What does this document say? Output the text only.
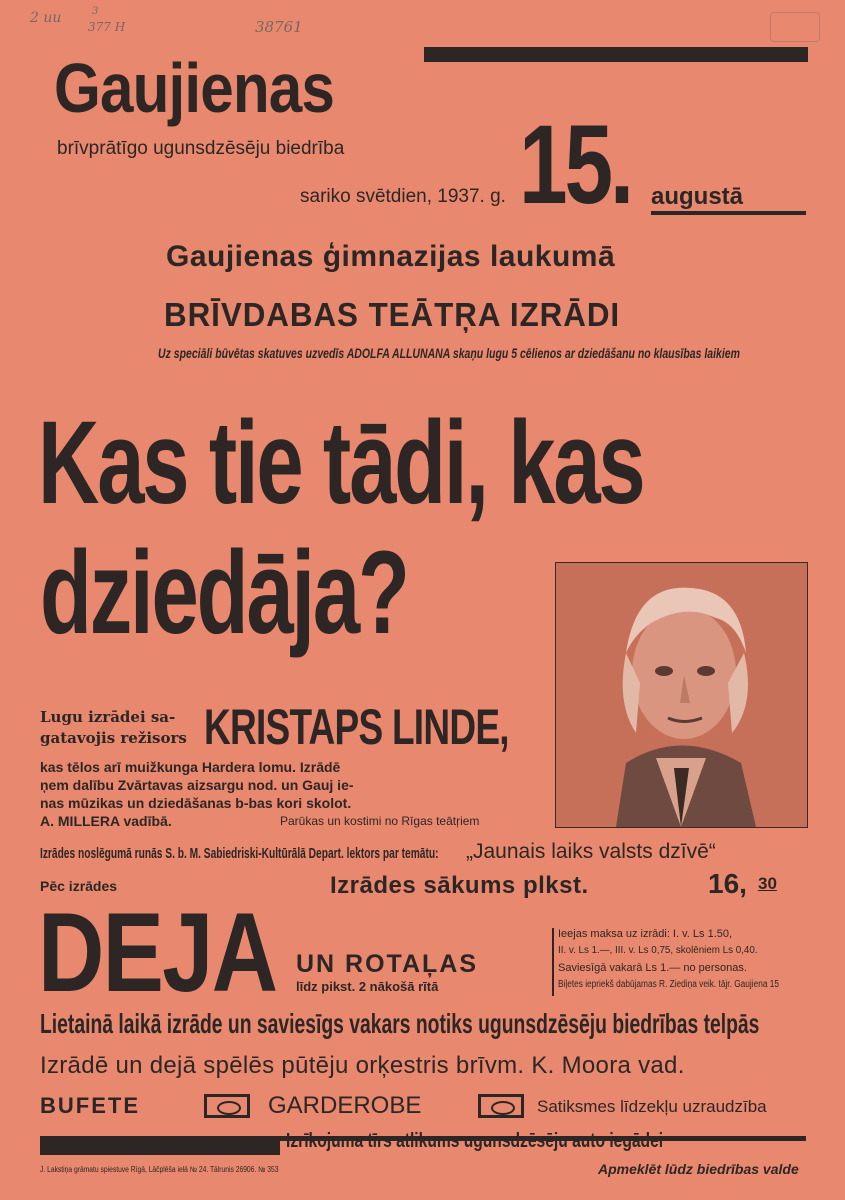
2 uu	3
377 H	38761
Gaujienas
brīvprātīgo ugunsdzēsēju biedrība
sariko svētdien, 1937. g. 15. augustā
Gaujienas ģimnazijas laukumā
BRĪVDABAS TEĀTŖA IZRĀDI
Uz speciāli būvētas skatuves uzvedīs ADOLFA ALLUNANA skaņu lugu 5 cēlienos ar dziedāšanu no klausības laikiem
Kas tie tādi, kas
dziedāja?
Lugu izrādei sa-
gatavojis režisors KRISTAPS LINDE,
kas tēlos arī muižkunga Hardera lomu. Izrādē
ņem dalību Zvārtavas aizsargu nod. un Gauj ie-
nas mūzikas un dziedāšanas b-bas kori skolot.
A. MILLERA vadībā.	Parūkas un kostimi no Rīgas teātŗiem
Izrādes noslēgumā runās S. b. M. Sabiedriski-Kultūrālā Depart. lektors par temātu: „Jaunais laiks valsts dzīvē“
Pēc izrādes	Izrādes sākums plkst.	16, 30
DEJA UN ROTAĻAS
līdz pikst. 2 nākošā rītā
Ieejas maksa uz izrādi: I. v. Ls 1.50,
II. v. Ls 1.—, III. v. Ls 0,75, skolēniem Ls 0,40.
Saviesīgā vakarā Ls 1.— no personas.
Biļetes iepriekš dabūjamas R. Ziediņa veik. tājr. Gaujiena 15
Lietainā laikā izrāde un saviesīgs vakars notiks ugunsdzēsēju biedrības telpās
Izrādē un dejā spēlēs pūtēju orķestris brīvm. K. Moora vad.
BUFETE	GARDEROBE	Satiksmes līdzekļu uzraudzība
Izrīkojuma tīrs atlikums ugunsdzēsēju auto iegādei
J. Lakstiņa grāmatu spiestuve Rīgā, Lāčplēša ielā № 24. Tālrunis 26906. № 353	Apmeklēt lūdz biedrības valde
